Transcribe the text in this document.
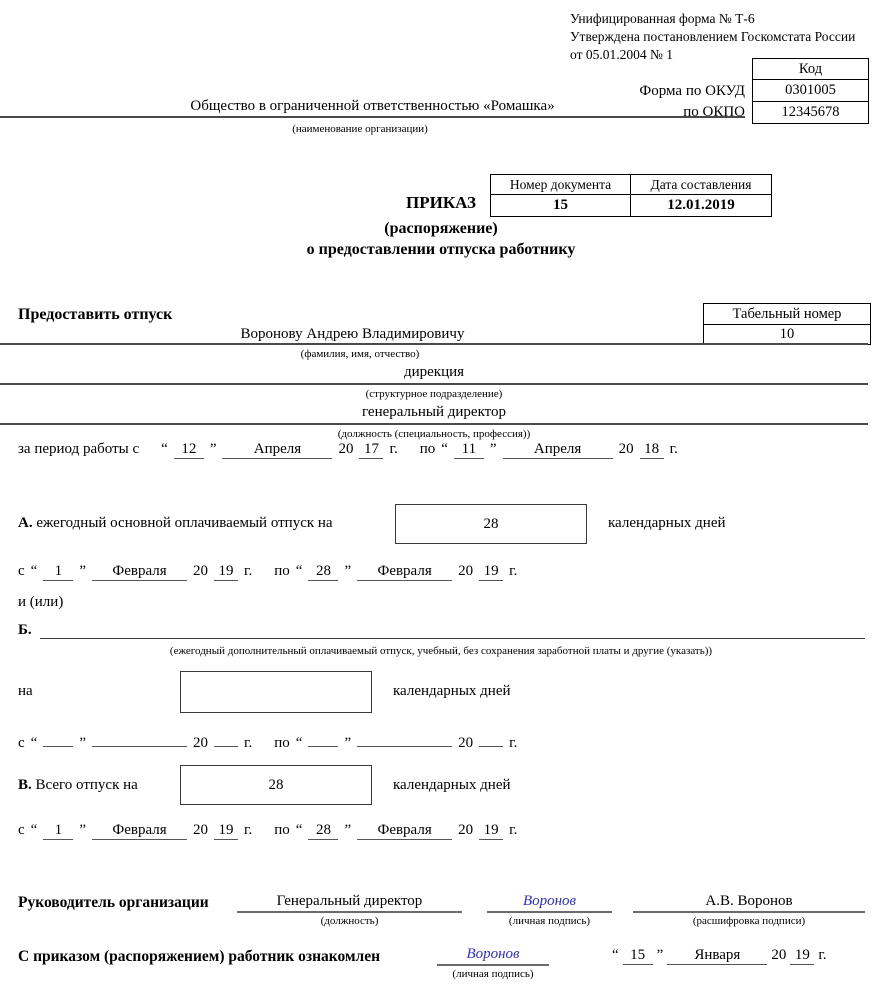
Унифицированная форма № Т-6
Утверждена постановлением Госкомстата России
от 05.01.2004 № 1
Код
0301005
12345678
Форма по ОКУД
по ОКПО
Общество в ограниченной ответственностью «Ромашка»
(наименование организации)
Номер документа	Дата составления
15	12.01.2019
ПРИКАЗ
(распоряжение)
о предоставлении отпуска работнику
Предоставить отпуск	Табельный номер
10
Воронову Андрею Владимировичу
(фамилия, имя, отчество)
дирекция
(структурное подразделение)
генеральный директор
(должность (специальность, профессия))
за период работы с “ 12 ”	Апреля	20 17 г. по “ 11 ”	Апреля	20 18 г.
А. ежегодный основной оплачиваемый отпуск на	28	календарных дней
с “	1	”	Февраля	20 19 г. по “ 28 ”	Февраля	20 19 г.
и (или)
Б.
(ежегодный дополнительный оплачиваемый отпуск, учебный, без сохранения заработной платы и другие (указать))
на	календарных дней
с “	”	20 г. по “	”	20 г.
В. Всего отпуск на	28	календарных дней
с “	1	”	Февраля	20 19 г. по “ 28 ”	Февраля	20 19 г.
Руководитель организации	Генеральный директор
(должность)
Воронов
(личная подпись)
А.В. Воронов
(расшифровка подписи)
С приказом (распоряжением) работник ознакомлен	Воронов
(личная подпись)
“ 15 ”	Января	20 19 г.
